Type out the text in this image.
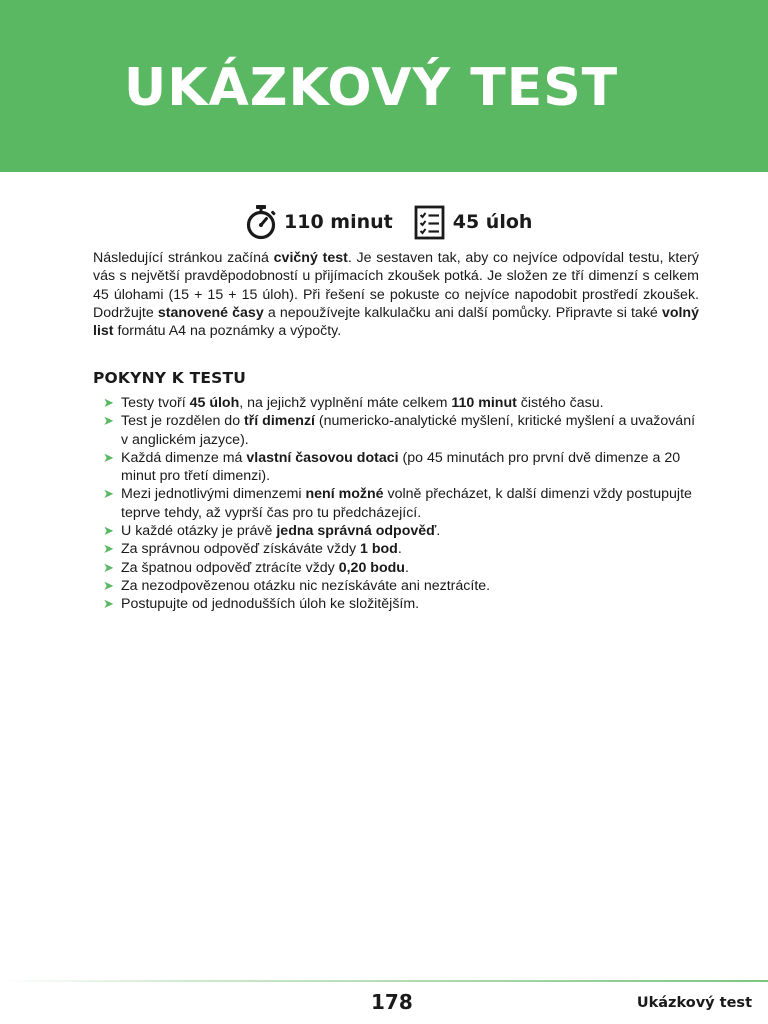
UKÁZKOVÝ TEST
110 minut	45 úloh

Následující stránkou začíná cvičný test. Je sestaven tak, aby co nejvíce odpovídal testu, který vás s největší pravděpodobností u přijímacích zkoušek potká. Je složen ze tří dimenzí s celkem 45 úlohami (15 + 15 + 15 úloh). Při řešení se pokuste co nejvíce napodobit prostředí zkoušek. Dodržujte stanovené časy a nepoužívejte kalkulačku ani další pomůcky. Připravte si také volný list formátu A4 na poznámky a výpočty.

POKYNY K TESTU
➤ Testy tvoří 45 úloh, na jejichž vyplnění máte celkem 110 minut čistého času.
➤ Test je rozdělen do tří dimenzí (numericko-analytické myšlení, kritické myšlení a uvažování v anglickém jazyce).
➤ Každá dimenze má vlastní časovou dotaci (po 45 minutách pro první dvě dimenze a 20 minut pro třetí dimenzi).
➤ Mezi jednotlivými dimenzemi není možné volně přecházet, k další dimenzi vždy postupujte teprve tehdy, až vyprší čas pro tu předcházející.
➤ U každé otázky je právě jedna správná odpověď.
➤ Za správnou odpověď získáváte vždy 1 bod.
➤ Za špatnou odpověď ztrácíte vždy 0,20 bodu.
➤ Za nezodpovězenou otázku nic nezískáváte ani neztrácíte.
➤ Postupujte od jednodušších úloh ke složitějším.
178	Ukázkový test
